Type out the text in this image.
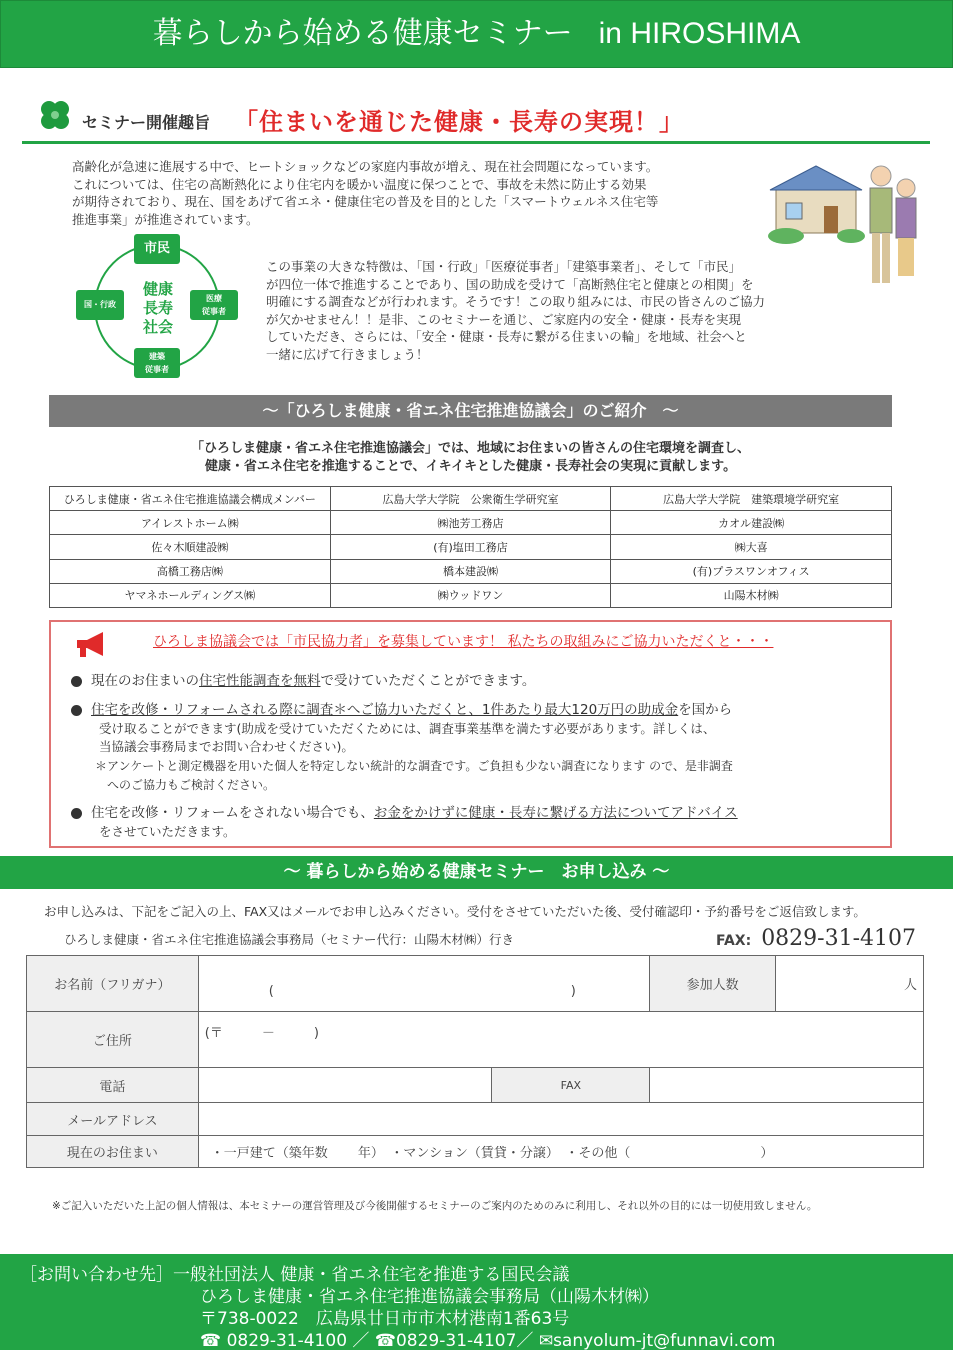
暮らしから始める健康セミナー in HIROSHIMA
セミナー開催趣旨 「住まいを通じた健康・長寿の実現！」
高齢化が急速に進展する中で、ヒートショックなどの家庭内事故が増え、現在社会問題になっています。
これについては、住宅の高断熱化により住宅内を暖かい温度に保つことで、事故を未然に防止する効果
が期待されており、現在、国をあげて省エネ・健康住宅の普及を目的とした「スマートウェルネス住宅等
推進事業」が推進されています。
市民
国・行政
医療
従事者
建築
従事者
健康
長寿
社会
この事業の大きな特徴は、「国・行政」「医療従事者」「建築事業者」、そして「市民」
が四位一体で推進することであり、国の助成を受けて「高断熱住宅と健康との相関」を
明確にする調査などが行われます。そうです！この取り組みには、市民の皆さんのご協力
が欠かせません！！是非、このセミナーを通じ、ご家庭内の安全・健康・長寿を実現
していただき、さらには、「安全・健康・長寿に繋がる住まいの輪」を地域、社会へと
一緒に広げて行きましょう！
～「ひろしま健康・省エネ住宅推進協議会」のご紹介　～
「ひろしま健康・省エネ住宅推進協議会」では、地域にお住まいの皆さんの住宅環境を調査し、
健康・省エネ住宅を推進することで、イキイキとした健康・長寿社会の実現に貢献します。
ひろしま健康・省エネ住宅推進協議会構成メンバー	広島大学大学院　公衆衛生学研究室	広島大学大学院　建築環境学研究室
アイレストホーム㈱	㈱池芳工務店	カオル建設㈱
佐々木順建設㈱	(有)塩田工務店	㈱大喜
高橋工務店㈱	橋本建設㈱	(有)プラスワンオフィス
ヤマネホールディングス㈱	㈱ウッドワン	山陽木材㈱
ひろしま協議会では「市民協力者」を募集しています！ 私たちの取組みにご協力いただくと・・・
現在のお住まいの住宅性能調査を無料で受けていただくことができます。
住宅を改修・リフォームされる際に調査＊へご協力いただくと、1件あたり最大120万円の助成金を国から
受け取ることができます(助成を受けていただくためには、調査事業基準を満たす必要があります。詳しくは、
当協議会事務局までお問い合わせください)。
＊アンケートと測定機器を用いた個人を特定しない統計的な調査です。ご負担も少ない調査になります ので、是非調査
へのご協力もご検討ください。
住宅を改修・リフォームをされない場合でも、お金をかけずに健康・長寿に繋げる方法についてアドバイス
をさせていただきます。
～ 暮らしから始める健康セミナー　お申し込み ～
お申し込みは、下記をご記入の上、FAX又はメールでお申し込みください。受付をさせていただいた後、受付確認印・予約番号をご返信致します。
ひろしま健康・省エネ住宅推進協議会事務局（セミナー代行：山陽木材㈱）行き	FAX: 0829-31-4107
お名前（フリガナ）	( )		参加人数	人
ご住所	(〒　　　－　　　)			
電話		FAX		
メールアドレス				
現在のお住まい	・一戸建て（築年数　　 年）　・マンション（賃貸・分譲）　・その他（　　　　　　　　　　）			
※ご記入いただいた上記の個人情報は、本セミナーの運営管理及び今後開催するセミナーのご案内のためのみに利用し、それ以外の目的には一切使用致しません。
［お問い合わせ先］一般社団法人 健康・省エネ住宅を推進する国民会議
ひろしま健康・省エネ住宅推進協議会事務局（山陽木材㈱）
〒738-0022　広島県廿日市市木材港南1番63号
☎ 0829-31-4100 ／ ☎0829-31-4107／ ✉sanyolum-jt@funnavi.com
